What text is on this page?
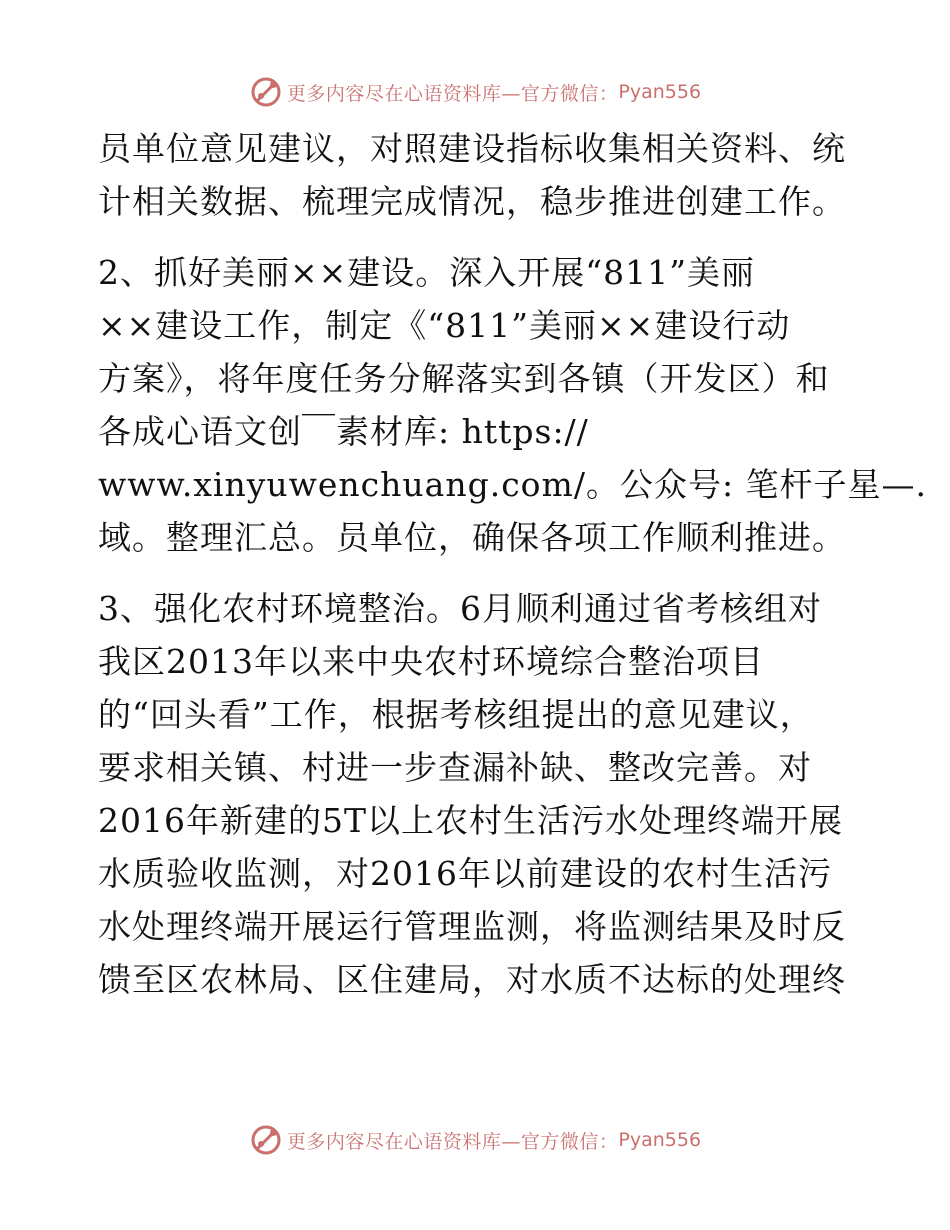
更多内容尽在心语资料库—官方微信： Pyan556
员单位意见建议，对照建设指标收集相关资料、统
计相关数据、梳理完成情况，稳步推进创建工作。
2、抓好美丽××建设。深入开展“811”美丽
××建设工作，制定《“811”美丽××建设行动
方案》，将年度任务分解落实到各镇（开发区）和
各成心语文创￣素材库: https://
www.xinyuwenchuang.com/。公众号: 笔杆子星—.
域。整理汇总。员单位，确保各项工作顺利推进。
3、强化农村环境整治。6月顺利通过省考核组对
我区2013年以来中央农村环境综合整治项目
的“回头看”工作，根据考核组提出的意见建议，
要求相关镇、村进一步查漏补缺、整改完善。对
2016年新建的5T以上农村生活污水处理终端开展
水质验收监测，对2016年以前建设的农村生活污
水处理终端开展运行管理监测，将监测结果及时反
馈至区农林局、区住建局，对水质不达标的处理终
更多内容尽在心语资料库—官方微信： Pyan556
